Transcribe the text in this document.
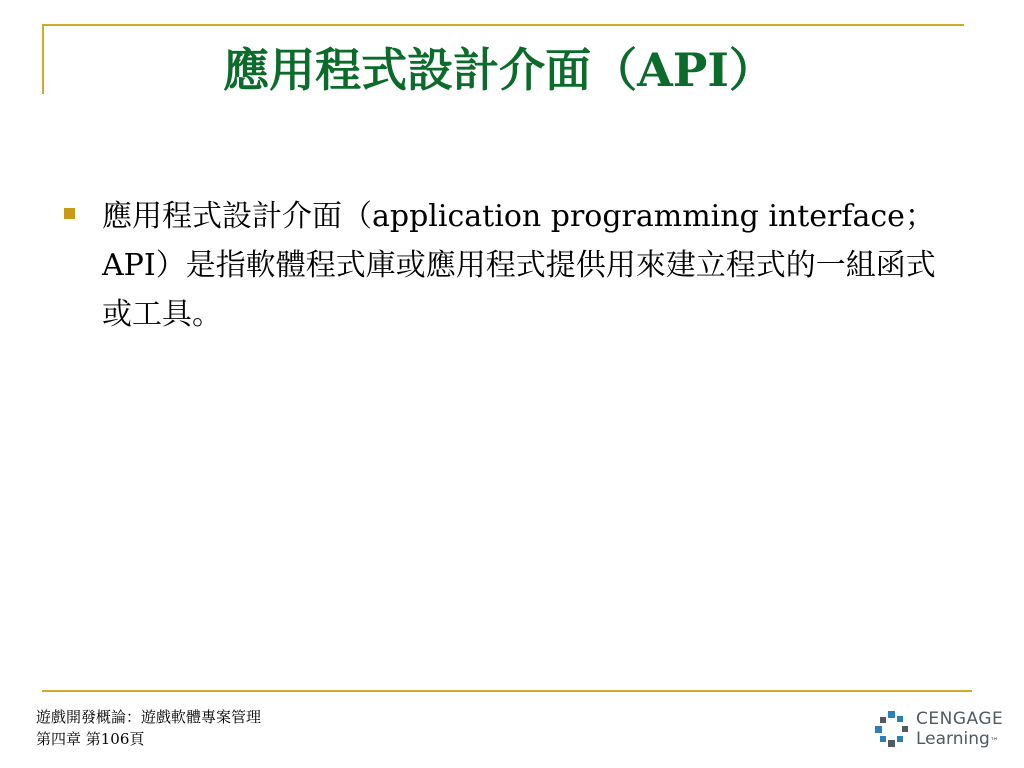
應用程式設計介面（API）
應用程式設計介面（application programming interface；API）是指軟體程式庫或應用程式提供用來建立程式的一組函式或工具。
遊戲開發概論：遊戲軟體專案管理
第四章 第106頁
CENGAGE
Learning™
